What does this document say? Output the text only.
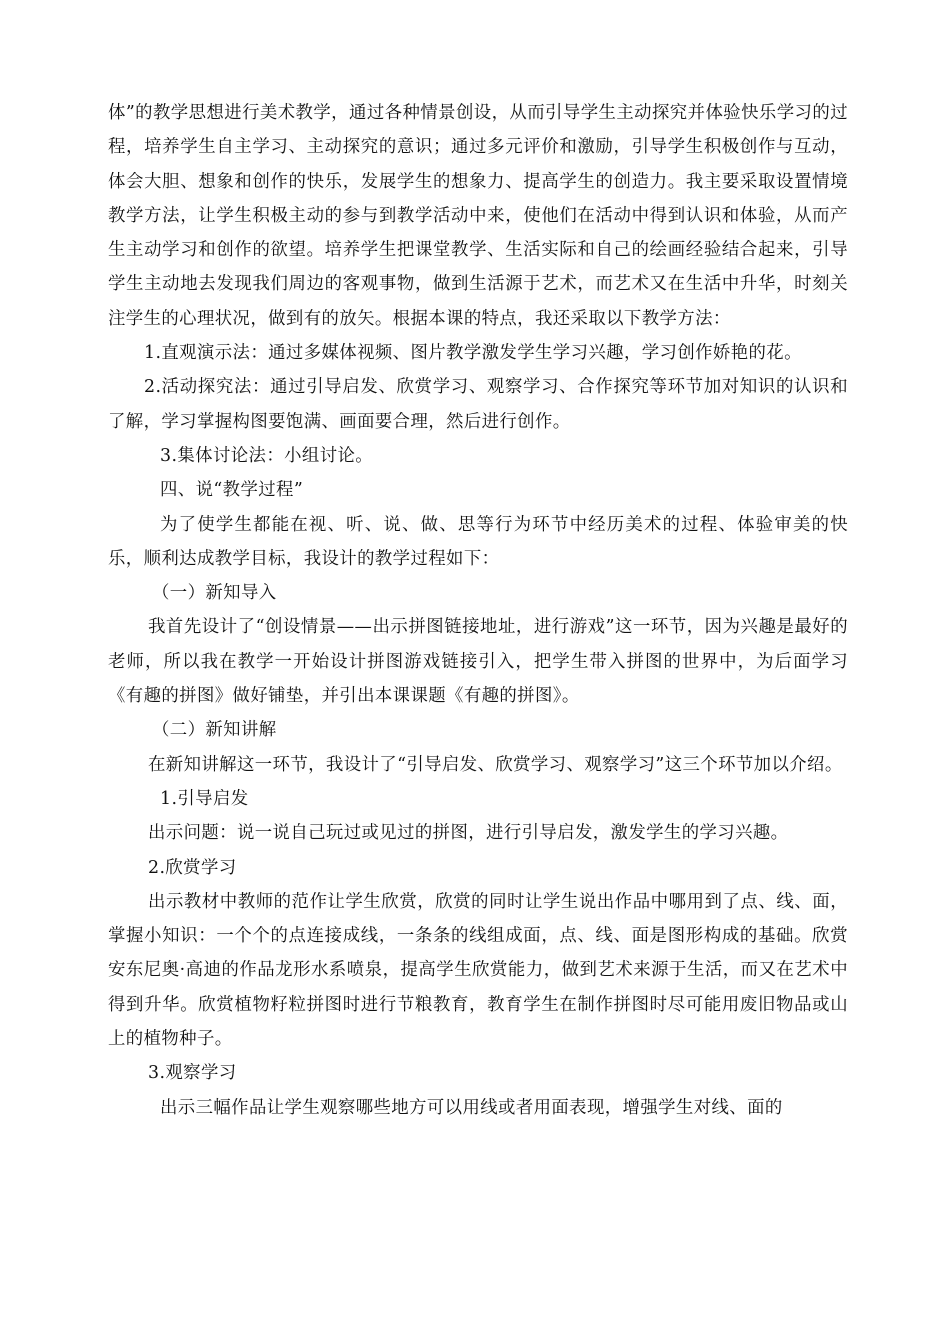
体”的教学思想进行美术教学，通过各种情景创设，从而引导学生主动探究并体验快乐学习的过程，培养学生自主学习、主动探究的意识；通过多元评价和激励，引导学生积极创作与互动，体会大胆、想象和创作的快乐，发展学生的想象力、提高学生的创造力。我主要采取设置情境教学方法，让学生积极主动的参与到教学活动中来，使他们在活动中得到认识和体验，从而产生主动学习和创作的欲望。培养学生把课堂教学、生活实际和自己的绘画经验结合起来，引导学生主动地去发现我们周边的客观事物，做到生活源于艺术，而艺术又在生活中升华，时刻关注学生的心理状况，做到有的放矢。根据本课的特点，我还采取以下教学方法：

1.直观演示法：通过多媒体视频、图片教学激发学生学习兴趣，学习创作娇艳的花。

2.活动探究法：通过引导启发、欣赏学习、观察学习、合作探究等环节加对知识的认识和了解，学习掌握构图要饱满、画面要合理，然后进行创作。

3.集体讨论法：小组讨论。

四、说“教学过程”

为了使学生都能在视、听、说、做、思等行为环节中经历美术的过程、体验审美的快乐，顺利达成教学目标，我设计的教学过程如下：

（一）新知导入

我首先设计了“创设情景——出示拼图链接地址，进行游戏”这一环节，因为兴趣是最好的老师，所以我在教学一开始设计拼图游戏链接引入，把学生带入拼图的世界中，为后面学习《有趣的拼图》做好铺垫，并引出本课课题《有趣的拼图》。

（二）新知讲解

在新知讲解这一环节，我设计了“引导启发、欣赏学习、观察学习”这三个环节加以介绍。

1.引导启发

出示问题：说一说自己玩过或见过的拼图，进行引导启发，激发学生的学习兴趣。

2.欣赏学习

出示教材中教师的范作让学生欣赏，欣赏的同时让学生说出作品中哪用到了点、线、面，掌握小知识：一个个的点连接成线，一条条的线组成面，点、线、面是图形构成的基础。欣赏安东尼奥·高迪的作品龙形水系喷泉，提高学生欣赏能力，做到艺术来源于生活，而又在艺术中得到升华。欣赏植物籽粒拼图时进行节粮教育，教育学生在制作拼图时尽可能用废旧物品或山上的植物种子。

3.观察学习

出示三幅作品让学生观察哪些地方可以用线或者用面表现，增强学生对线、面的
